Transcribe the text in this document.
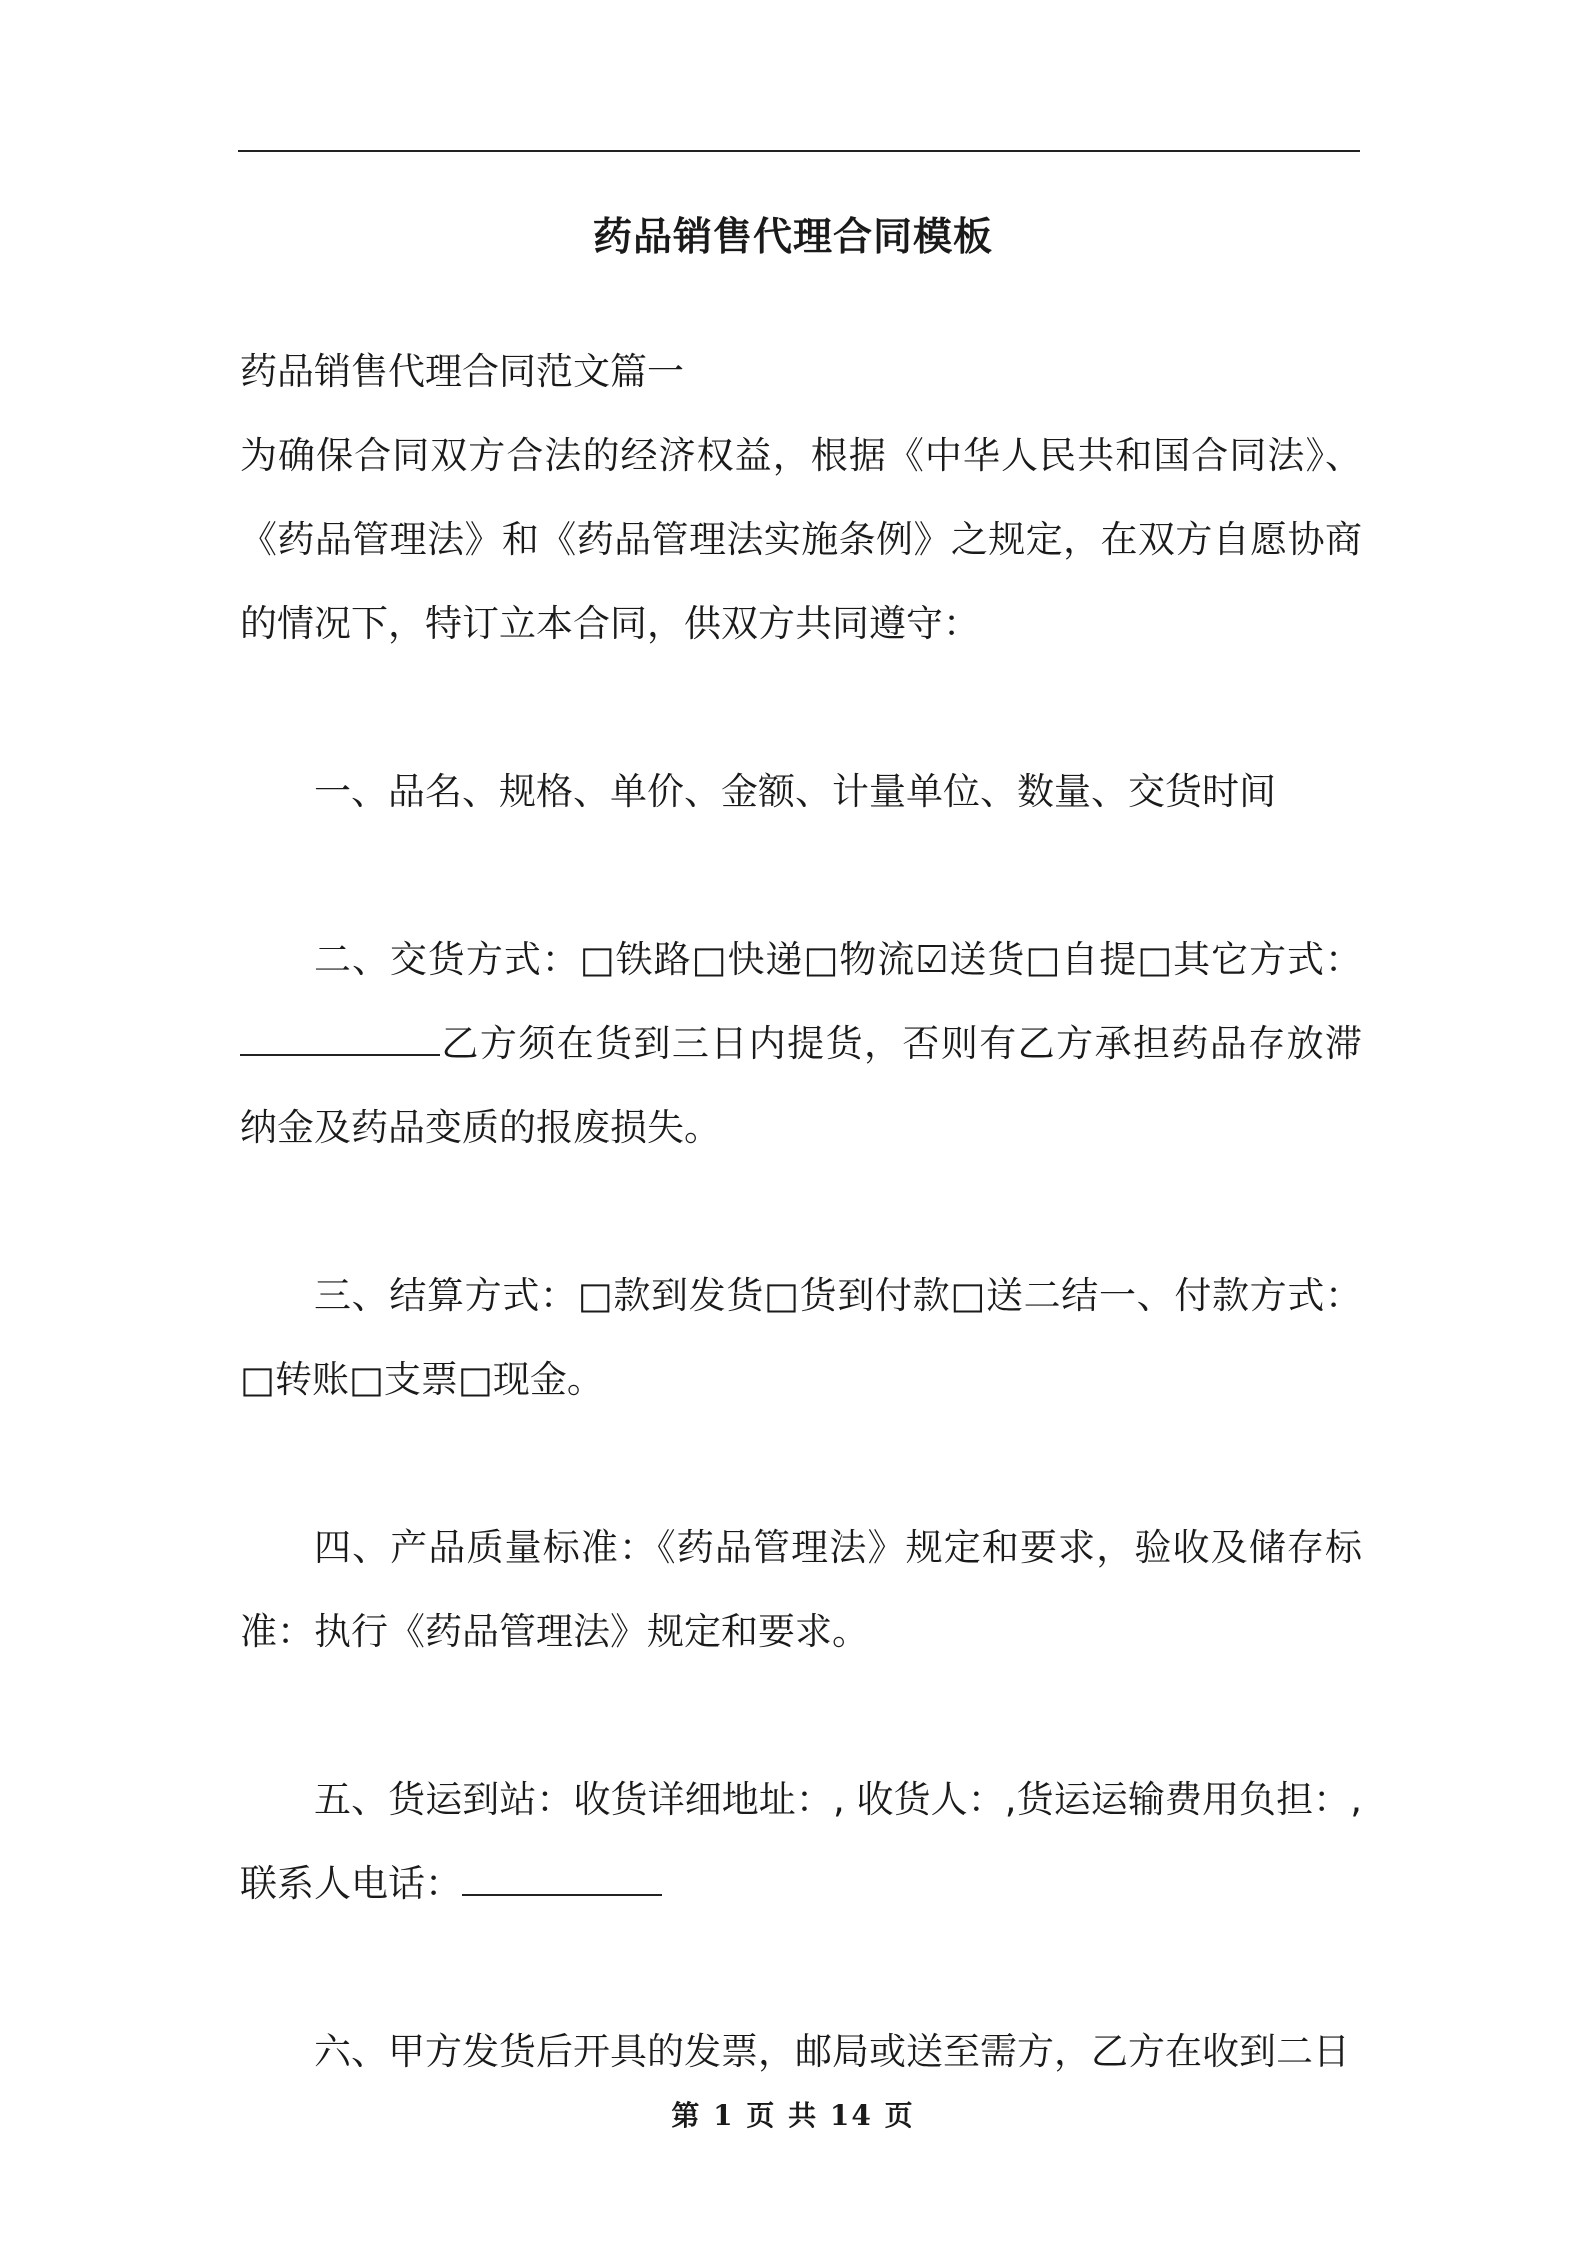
药品销售代理合同模板

药品销售代理合同范文篇一

为确保合同双方合法的经济权益，根据《中华人民共和国合同法》、《药品管理法》和《药品管理法实施条例》之规定，在双方自愿协商的情况下，特订立本合同，供双方共同遵守：

一、品名、规格、单价、金额、计量单位、数量、交货时间

二、交货方式：□铁路□快递□物流☑送货□自提□其它方式：乙方须在货到三日内提货，否则有乙方承担药品存放滞纳金及药品变质的报废损失。

三、结算方式：□款到发货□货到付款□送二结一、付款方式：□转账□支票□现金。

四、产品质量标准：《药品管理法》规定和要求，验收及储存标准：执行《药品管理法》规定和要求。

五、货运到站：收货详细地址：, 收货人：,货运运输费用负担：, 联系人电话：

六、甲方发货后开具的发票，邮局或送至需方，乙方在收到二日

第 1 页 共 14 页
